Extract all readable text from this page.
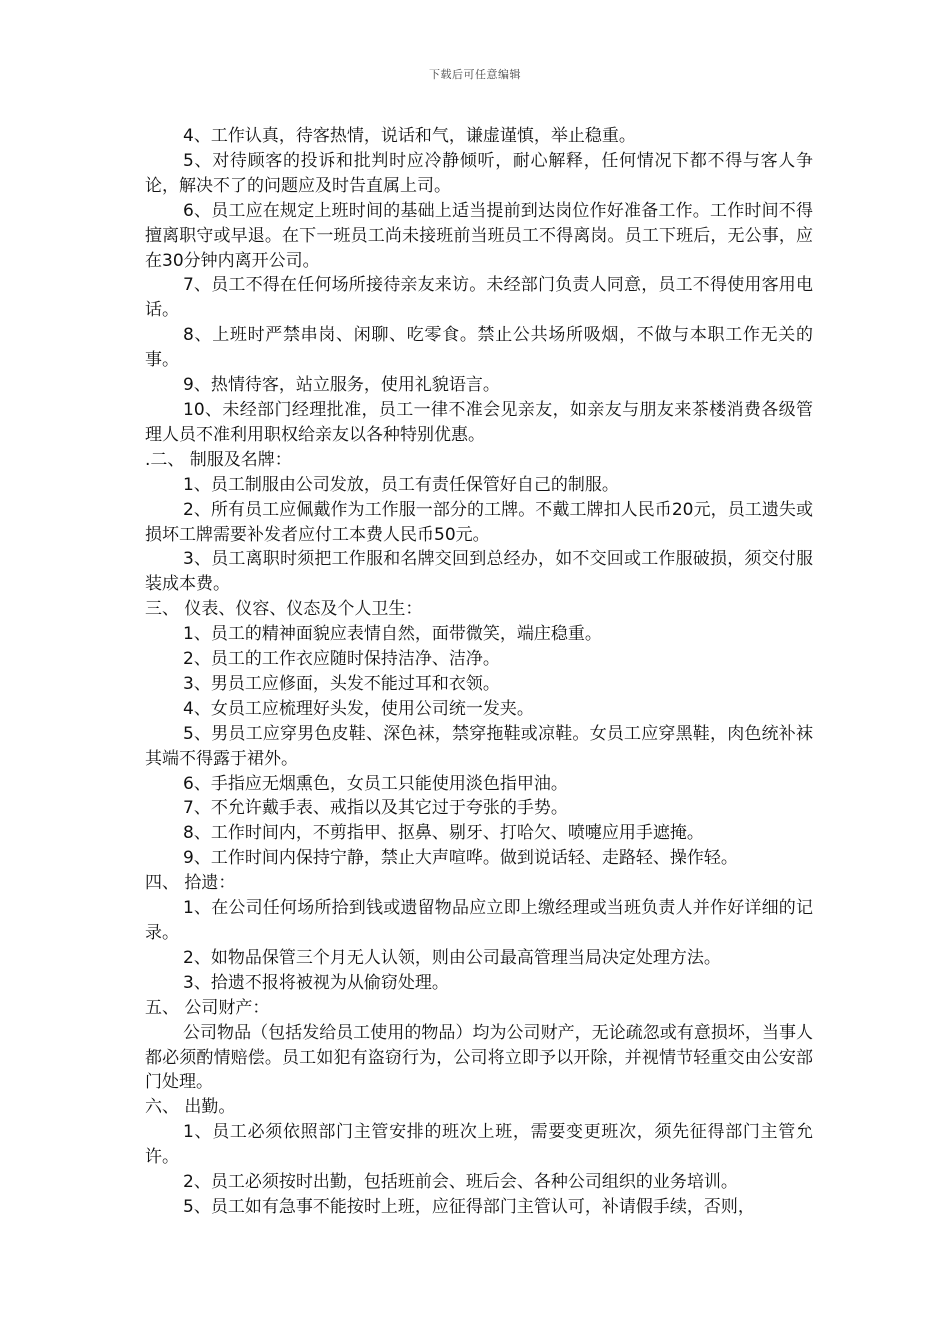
下载后可任意编辑

4、工作认真，待客热情，说话和气，谦虚谨慎，举止稳重。

5、对待顾客的投诉和批判时应冷静倾听，耐心解释，任何情况下都不得与客人争论，解决不了的问题应及时告直属上司。

6、员工应在规定上班时间的基础上适当提前到达岗位作好准备工作。工作时间不得擅离职守或早退。在下一班员工尚未接班前当班员工不得离岗。员工下班后，无公事，应在30分钟内离开公司。

7、员工不得在任何场所接待亲友来访。未经部门负责人同意，员工不得使用客用电话。

8、上班时严禁串岗、闲聊、吃零食。禁止公共场所吸烟，不做与本职工作无关的事。

9、热情待客，站立服务，使用礼貌语言。

10、未经部门经理批准，员工一律不准会见亲友，如亲友与朋友来茶楼消费各级管理人员不准利用职权给亲友以各种特别优惠。

.二、 制服及名牌：

1、员工制服由公司发放，员工有责任保管好自己的制服。

2、所有员工应佩戴作为工作服一部分的工牌。不戴工牌扣人民币20元，员工遗失或损坏工牌需要补发者应付工本费人民币50元。

3、员工离职时须把工作服和名牌交回到总经办，如不交回或工作服破损，须交付服装成本费。

三、 仪表、仪容、仪态及个人卫生：

1、员工的精神面貌应表情自然，面带微笑，端庄稳重。

2、员工的工作衣应随时保持洁净、洁净。

3、男员工应修面，头发不能过耳和衣领。

4、女员工应梳理好头发，使用公司统一发夹。

5、男员工应穿男色皮鞋、深色袜，禁穿拖鞋或凉鞋。女员工应穿黑鞋，肉色统补袜其端不得露于裙外。

6、手指应无烟熏色，女员工只能使用淡色指甲油。

7、不允许戴手表、戒指以及其它过于夸张的手势。

8、工作时间内，不剪指甲、抠鼻、剔牙、打哈欠、喷嚏应用手遮掩。

9、工作时间内保持宁静，禁止大声喧哗。做到说话轻、走路轻、操作轻。

四、 拾遗：

1、在公司任何场所拾到钱或遗留物品应立即上缴经理或当班负责人并作好详细的记录。

2、如物品保管三个月无人认领，则由公司最高管理当局决定处理方法。

3、拾遗不报将被视为从偷窃处理。

五、 公司财产：

公司物品（包括发给员工使用的物品）均为公司财产，无论疏忽或有意损坏，当事人都必须酌情赔偿。员工如犯有盗窃行为，公司将立即予以开除，并视情节轻重交由公安部门处理。

六、 出勤。

1、员工必须依照部门主管安排的班次上班，需要变更班次，须先征得部门主管允许。

2、员工必须按时出勤，包括班前会、班后会、各种公司组织的业务培训。

5、员工如有急事不能按时上班，应征得部门主管认可，补请假手续，否则，
